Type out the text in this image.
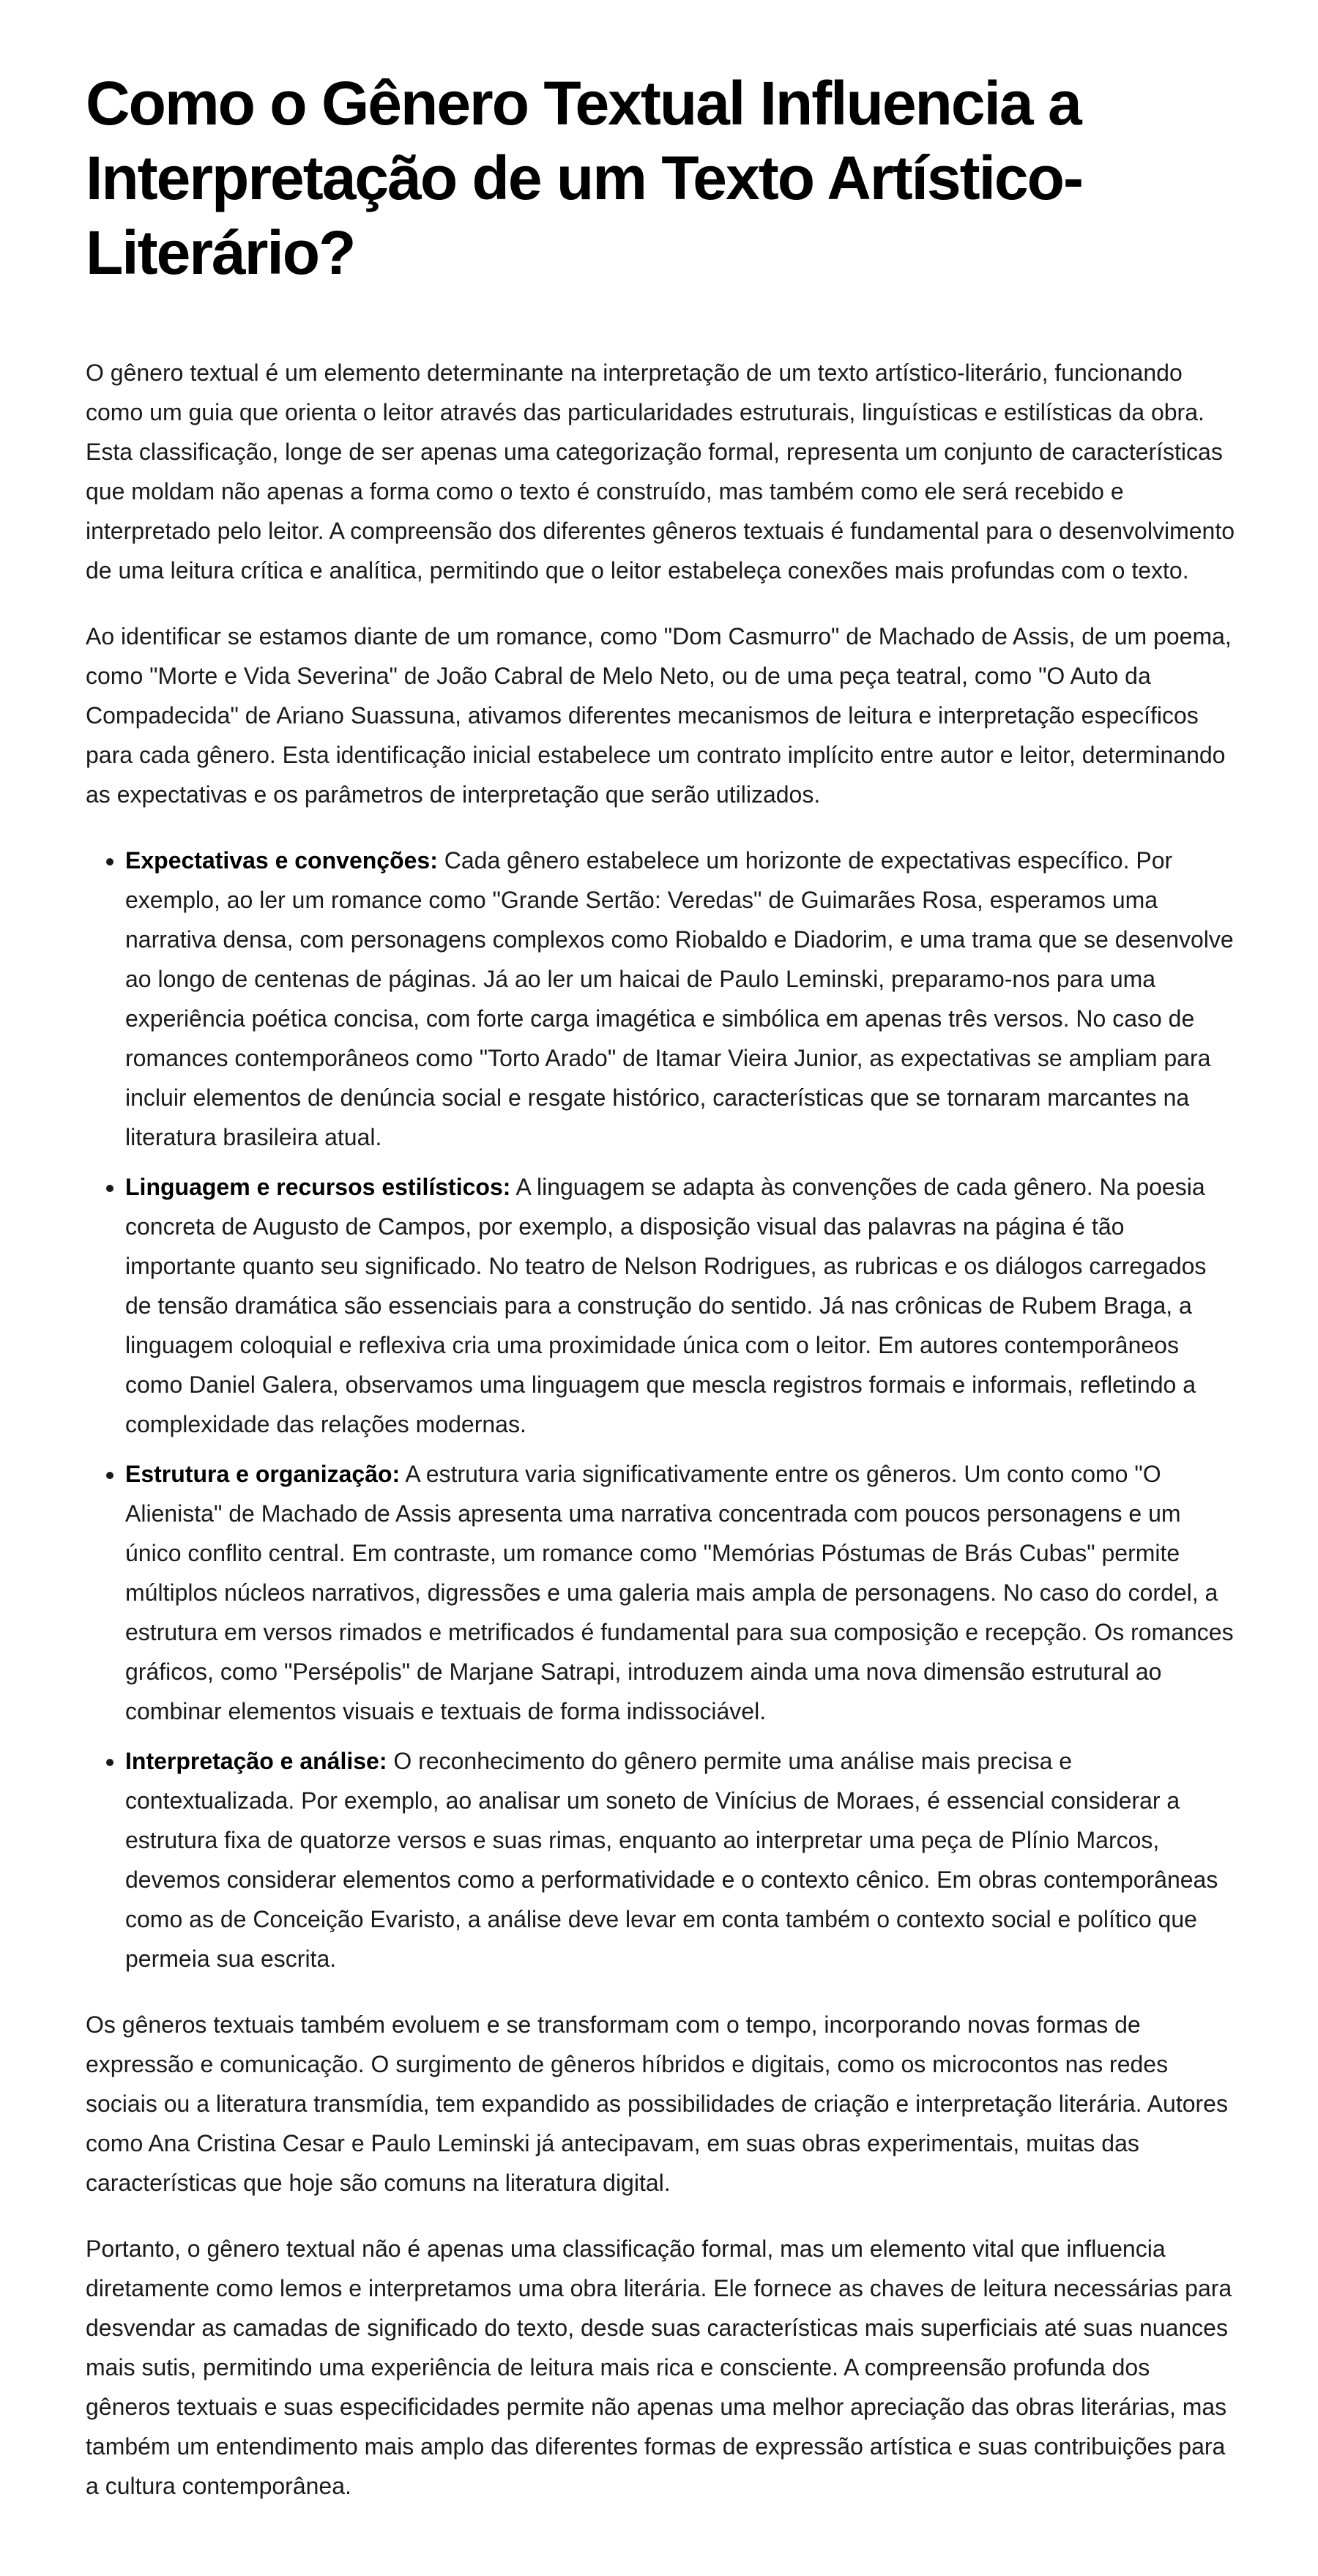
Como o Gênero Textual Influencia a Interpretação de um Texto Artístico-Literário?

O gênero textual é um elemento determinante na interpretação de um texto artístico-literário, funcionando como um guia que orienta o leitor através das particularidades estruturais, linguísticas e estilísticas da obra. Esta classificação, longe de ser apenas uma categorização formal, representa um conjunto de características que moldam não apenas a forma como o texto é construído, mas também como ele será recebido e interpretado pelo leitor. A compreensão dos diferentes gêneros textuais é fundamental para o desenvolvimento de uma leitura crítica e analítica, permitindo que o leitor estabeleça conexões mais profundas com o texto.

Ao identificar se estamos diante de um romance, como "Dom Casmurro" de Machado de Assis, de um poema, como "Morte e Vida Severina" de João Cabral de Melo Neto, ou de uma peça teatral, como "O Auto da Compadecida" de Ariano Suassuna, ativamos diferentes mecanismos de leitura e interpretação específicos para cada gênero. Esta identificação inicial estabelece um contrato implícito entre autor e leitor, determinando as expectativas e os parâmetros de interpretação que serão utilizados.

• Expectativas e convenções: Cada gênero estabelece um horizonte de expectativas específico. Por exemplo, ao ler um romance como "Grande Sertão: Veredas" de Guimarães Rosa, esperamos uma narrativa densa, com personagens complexos como Riobaldo e Diadorim, e uma trama que se desenvolve ao longo de centenas de páginas. Já ao ler um haicai de Paulo Leminski, preparamo-nos para uma experiência poética concisa, com forte carga imagética e simbólica em apenas três versos. No caso de romances contemporâneos como "Torto Arado" de Itamar Vieira Junior, as expectativas se ampliam para incluir elementos de denúncia social e resgate histórico, características que se tornaram marcantes na literatura brasileira atual.
• Linguagem e recursos estilísticos: A linguagem se adapta às convenções de cada gênero. Na poesia concreta de Augusto de Campos, por exemplo, a disposição visual das palavras na página é tão importante quanto seu significado. No teatro de Nelson Rodrigues, as rubricas e os diálogos carregados de tensão dramática são essenciais para a construção do sentido. Já nas crônicas de Rubem Braga, a linguagem coloquial e reflexiva cria uma proximidade única com o leitor. Em autores contemporâneos como Daniel Galera, observamos uma linguagem que mescla registros formais e informais, refletindo a complexidade das relações modernas.
• Estrutura e organização: A estrutura varia significativamente entre os gêneros. Um conto como "O Alienista" de Machado de Assis apresenta uma narrativa concentrada com poucos personagens e um único conflito central. Em contraste, um romance como "Memórias Póstumas de Brás Cubas" permite múltiplos núcleos narrativos, digressões e uma galeria mais ampla de personagens. No caso do cordel, a estrutura em versos rimados e metrificados é fundamental para sua composição e recepção. Os romances gráficos, como "Persépolis" de Marjane Satrapi, introduzem ainda uma nova dimensão estrutural ao combinar elementos visuais e textuais de forma indissociável.
• Interpretação e análise: O reconhecimento do gênero permite uma análise mais precisa e contextualizada. Por exemplo, ao analisar um soneto de Vinícius de Moraes, é essencial considerar a estrutura fixa de quatorze versos e suas rimas, enquanto ao interpretar uma peça de Plínio Marcos, devemos considerar elementos como a performatividade e o contexto cênico. Em obras contemporâneas como as de Conceição Evaristo, a análise deve levar em conta também o contexto social e político que permeia sua escrita.

Os gêneros textuais também evoluem e se transformam com o tempo, incorporando novas formas de expressão e comunicação. O surgimento de gêneros híbridos e digitais, como os microcontos nas redes sociais ou a literatura transmídia, tem expandido as possibilidades de criação e interpretação literária. Autores como Ana Cristina Cesar e Paulo Leminski já antecipavam, em suas obras experimentais, muitas das características que hoje são comuns na literatura digital.

Portanto, o gênero textual não é apenas uma classificação formal, mas um elemento vital que influencia diretamente como lemos e interpretamos uma obra literária. Ele fornece as chaves de leitura necessárias para desvendar as camadas de significado do texto, desde suas características mais superficiais até suas nuances mais sutis, permitindo uma experiência de leitura mais rica e consciente. A compreensão profunda dos gêneros textuais e suas especificidades permite não apenas uma melhor apreciação das obras literárias, mas também um entendimento mais amplo das diferentes formas de expressão artística e suas contribuições para a cultura contemporânea.
